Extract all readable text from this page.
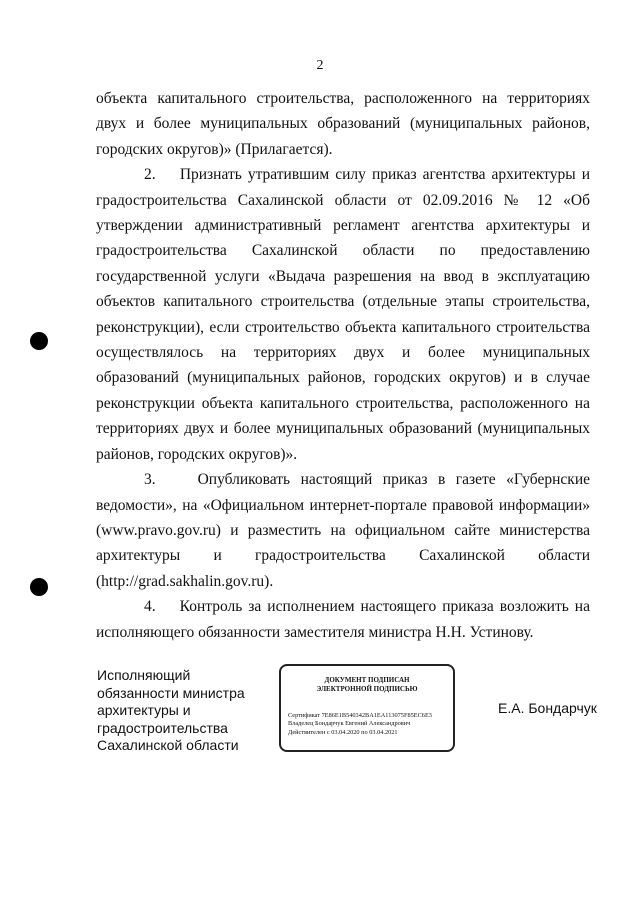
2

объекта капитального строительства, расположенного на территориях двух и более муниципальных образований (муниципальных районов, городских округов)» (Прилагается).

2.    Признать утратившим силу приказ агентства архитектуры и градостроительства Сахалинской области от 02.09.2016 № 12 «Об утверждении административный регламент агентства архитектуры и градостроительства Сахалинской области по предоставлению государственной услуги «Выдача разрешения на ввод в эксплуатацию объектов капитального строительства (отдельные этапы строительства, реконструкции), если строительство объекта капитального строительства осуществлялось на территориях двух и более муниципальных образований (муниципальных районов, городских округов) и в случае реконструкции объекта капитального строительства, расположенного на территориях двух и более муниципальных образований (муниципальных районов, городских округов)».

3.    Опубликовать настоящий приказ в газете «Губернские ведомости», на «Официальном интернет-портале правовой информации» (www.pravo.gov.ru) и разместить на официальном сайте министерства архитектуры и градостроительства Сахалинской области (http://grad.sakhalin.gov.ru).

4.    Контроль за исполнением настоящего приказа возложить на исполняющего обязанности заместителя министра Н.Н. Устинову.

Исполняющий
обязанности министра
архитектуры и
градостроительства
Сахалинской области
ДОКУМЕНТ ПОДПИСАН
ЭЛЕКТРОННОЙ ПОДПИСЬЮ
Сертификат 7E86E1B540342BA1EA113075F85EC6E3
Владелец Бондарчук Евгений Александрович
Действителен с 03.04.2020 по 03.04.2021
Е.А. Бондарчук
